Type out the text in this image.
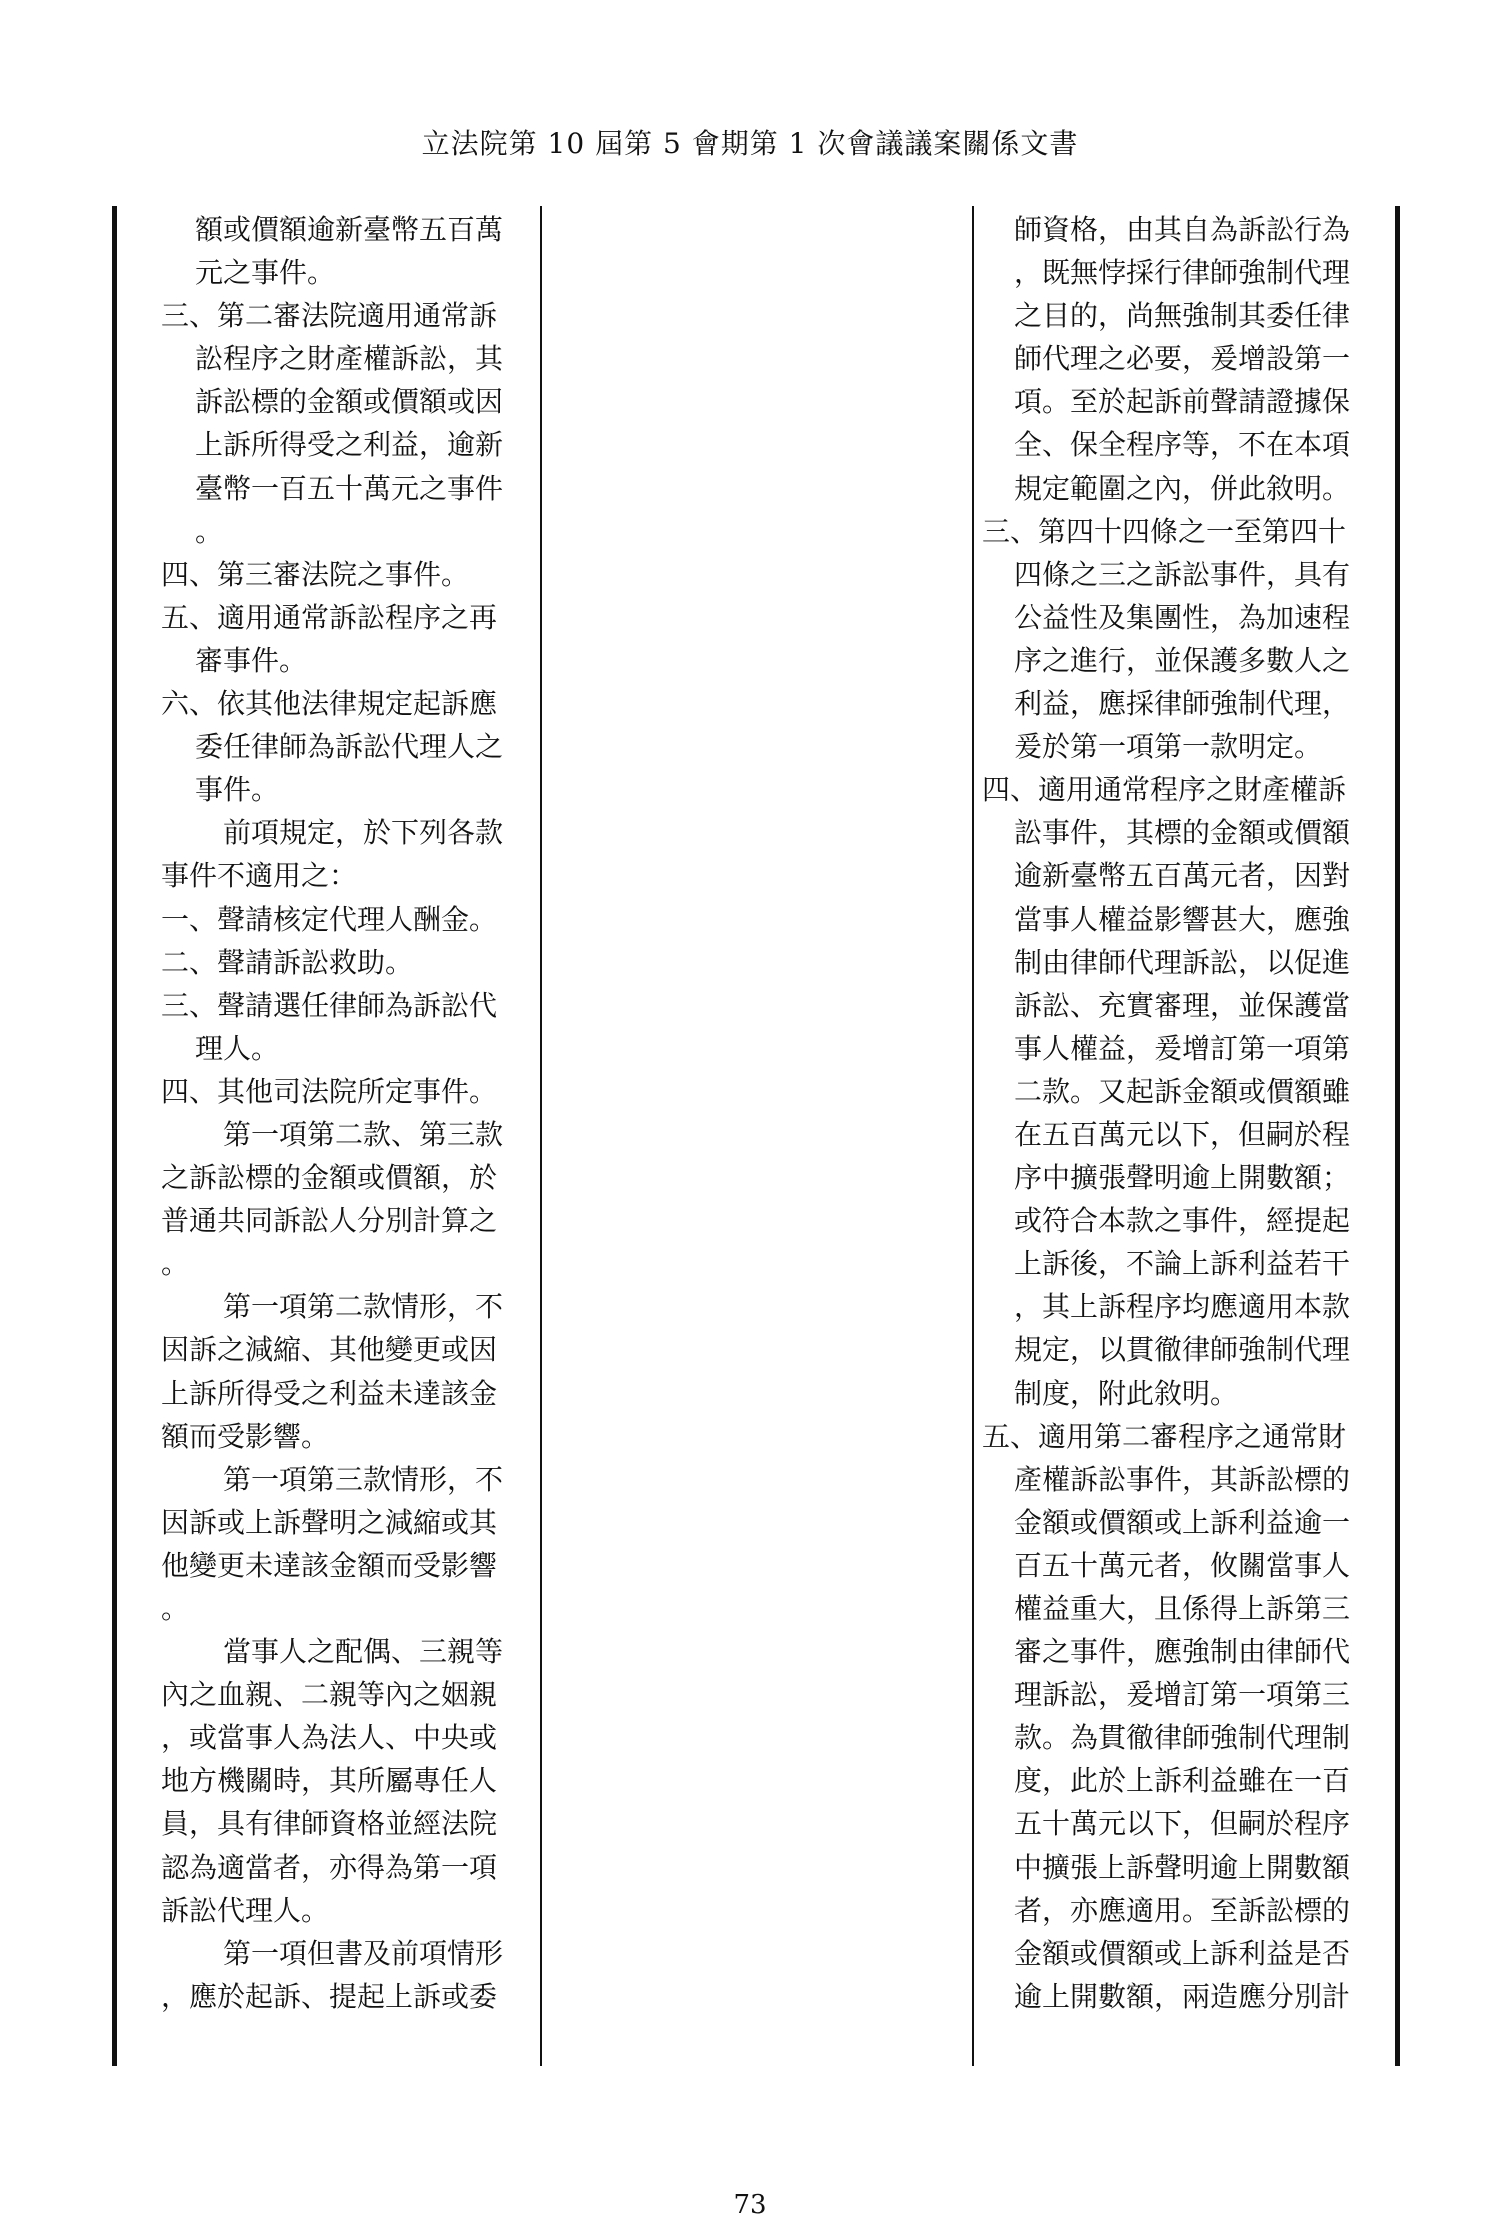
立法院第 10 屆第 5 會期第 1 次會議議案關係文書
額或價額逾新臺幣五百萬
元之事件。
三、第二審法院適用通常訴
訟程序之財產權訴訟，其
訴訟標的金額或價額或因
上訴所得受之利益，逾新
臺幣一百五十萬元之事件
。
四、第三審法院之事件。
五、適用通常訴訟程序之再
審事件。
六、依其他法律規定起訴應
委任律師為訴訟代理人之
事件。
前項規定，於下列各款
事件不適用之：
一、聲請核定代理人酬金。
二、聲請訴訟救助。
三、聲請選任律師為訴訟代
理人。
四、其他司法院所定事件。
第一項第二款、第三款
之訴訟標的金額或價額，於
普通共同訴訟人分別計算之
。
第一項第二款情形，不
因訴之減縮、其他變更或因
上訴所得受之利益未達該金
額而受影響。
第一項第三款情形，不
因訴或上訴聲明之減縮或其
他變更未達該金額而受影響
。
當事人之配偶、三親等
內之血親、二親等內之姻親
，或當事人為法人、中央或
地方機關時，其所屬專任人
員，具有律師資格並經法院
認為適當者，亦得為第一項
訴訟代理人。
第一項但書及前項情形
，應於起訴、提起上訴或委
師資格，由其自為訴訟行為
，既無悖採行律師強制代理
之目的，尚無強制其委任律
師代理之必要，爰增設第一
項。至於起訴前聲請證據保
全、保全程序等，不在本項
規定範圍之內，併此敘明。
三、第四十四條之一至第四十
四條之三之訴訟事件，具有
公益性及集團性，為加速程
序之進行，並保護多數人之
利益，應採律師強制代理，
爰於第一項第一款明定。
四、適用通常程序之財產權訴
訟事件，其標的金額或價額
逾新臺幣五百萬元者，因對
當事人權益影響甚大，應強
制由律師代理訴訟，以促進
訴訟、充實審理，並保護當
事人權益，爰增訂第一項第
二款。又起訴金額或價額雖
在五百萬元以下，但嗣於程
序中擴張聲明逾上開數額；
或符合本款之事件，經提起
上訴後，不論上訴利益若干
，其上訴程序均應適用本款
規定，以貫徹律師強制代理
制度，附此敘明。
五、適用第二審程序之通常財
產權訴訟事件，其訴訟標的
金額或價額或上訴利益逾一
百五十萬元者，攸關當事人
權益重大，且係得上訴第三
審之事件，應強制由律師代
理訴訟，爰增訂第一項第三
款。為貫徹律師強制代理制
度，此於上訴利益雖在一百
五十萬元以下，但嗣於程序
中擴張上訴聲明逾上開數額
者，亦應適用。至訴訟標的
金額或價額或上訴利益是否
逾上開數額，兩造應分別計
73
